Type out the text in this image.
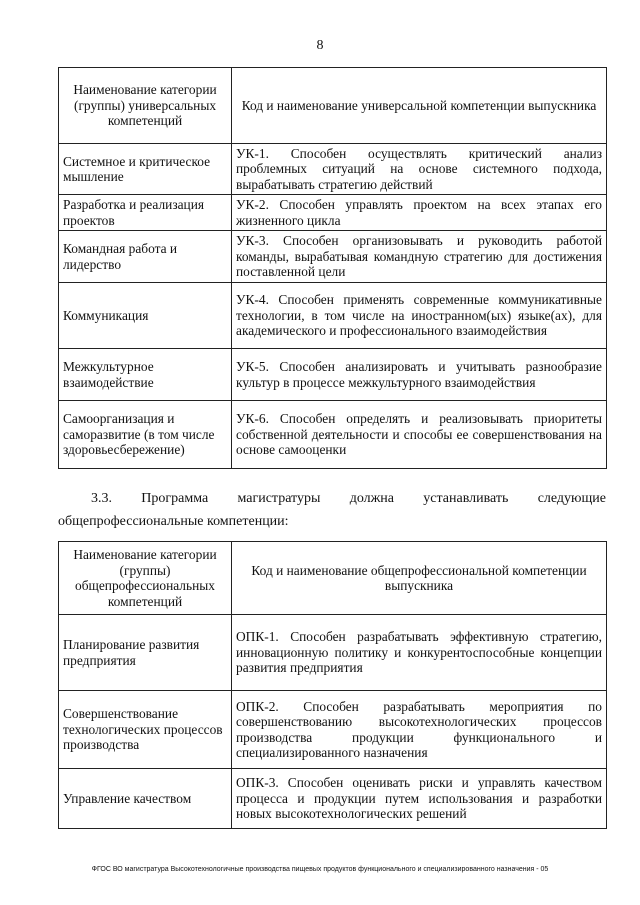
8
Наименование категории (группы) универсальных компетенций	Код и наименование универсальной компетенции выпускника
Системное и критическое мышление	УК-1. Способен осуществлять критический анализ проблемных ситуаций на основе системного подхода, вырабатывать стратегию действий
Разработка и реализация проектов	УК-2. Способен управлять проектом на всех этапах его жизненного цикла
Командная работа и лидерство	УК-3. Способен организовывать и руководить работой команды, вырабатывая командную стратегию для достижения поставленной цели
Коммуникация	УК-4. Способен применять современные коммуникативные технологии, в том числе на иностранном(ых) языке(ах), для академического и профессионального взаимодействия
Межкультурное взаимодействие	УК-5. Способен анализировать и учитывать разнообразие культур в процессе межкультурного взаимодействия
Самоорганизация и саморазвитие (в том числе здоровьесбережение)	УК-6. Способен определять и реализовывать приоритеты собственной деятельности и способы ее совершенствования на основе самооценки
3.3. Программа магистратуры должна устанавливать следующие
общепрофессиональные компетенции:
Наименование категории (группы) общепрофессиональных компетенций	Код и наименование общепрофессиональной компетенции выпускника
Планирование развития предприятия	ОПК-1. Способен разрабатывать эффективную стратегию, инновационную политику и конкурентоспособные концепции развития предприятия
Совершенствование технологических процессов производства	ОПК-2. Способен разрабатывать мероприятия по совершенствованию высокотехнологических процессов производства продукции функционального и специализированного назначения
Управление качеством	ОПК-3. Способен оценивать риски и управлять качеством процесса и продукции путем использования и разработки новых высокотехнологических решений
ФГОС ВО магистратура Высокотехнологичные производства пищевых продуктов функционального и специализированного назначения - 05
